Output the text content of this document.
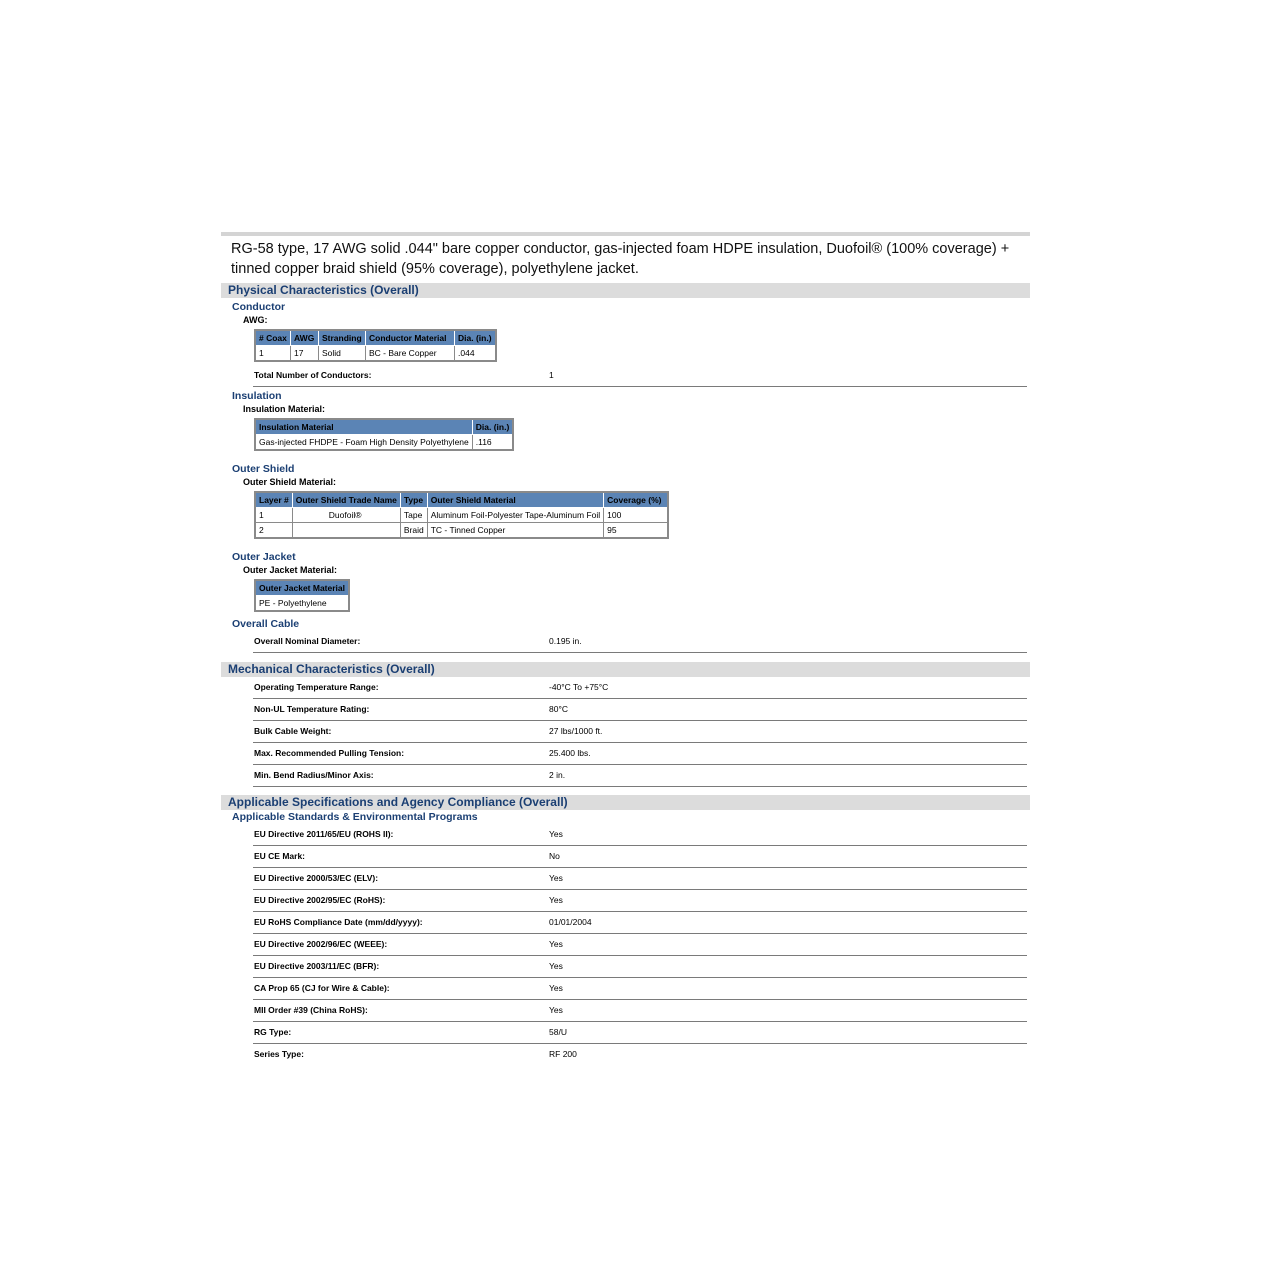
RG-58 type, 17 AWG solid .044" bare copper conductor, gas-injected foam HDPE insulation, Duofoil® (100% coverage) + tinned copper braid shield (95% coverage), polyethylene jacket.
Physical Characteristics (Overall)
Conductor
AWG:
# Coax	AWG	Stranding	Conductor Material	Dia. (in.)
1	17	Solid	BC - Bare Copper	.044
Total Number of Conductors:	1
Insulation
Insulation Material:
Insulation Material	Dia. (in.)
Gas-injected FHDPE - Foam High Density Polyethylene	.116
Outer Shield
Outer Shield Material:
Layer #	Outer Shield Trade Name	Type	Outer Shield Material	Coverage (%)
1	Duofoil®	Tape	Aluminum Foil-Polyester Tape-Aluminum Foil	100
2		Braid	TC - Tinned Copper	95
Outer Jacket
Outer Jacket Material:
Outer Jacket Material
PE - Polyethylene
Overall Cable
Overall Nominal Diameter:	0.195 in.
Mechanical Characteristics (Overall)
Operating Temperature Range:	-40°C To +75°C
Non-UL Temperature Rating:	80°C
Bulk Cable Weight:	27 lbs/1000 ft.
Max. Recommended Pulling Tension:	25.400 lbs.
Min. Bend Radius/Minor Axis:	2 in.
Applicable Specifications and Agency Compliance (Overall)
Applicable Standards & Environmental Programs
EU Directive 2011/65/EU (ROHS II):	Yes
EU CE Mark:	No
EU Directive 2000/53/EC (ELV):	Yes
EU Directive 2002/95/EC (RoHS):	Yes
EU RoHS Compliance Date (mm/dd/yyyy):	01/01/2004
EU Directive 2002/96/EC (WEEE):	Yes
EU Directive 2003/11/EC (BFR):	Yes
CA Prop 65 (CJ for Wire & Cable):	Yes
MII Order #39 (China RoHS):	Yes
RG Type:	58/U
Series Type:	RF 200
